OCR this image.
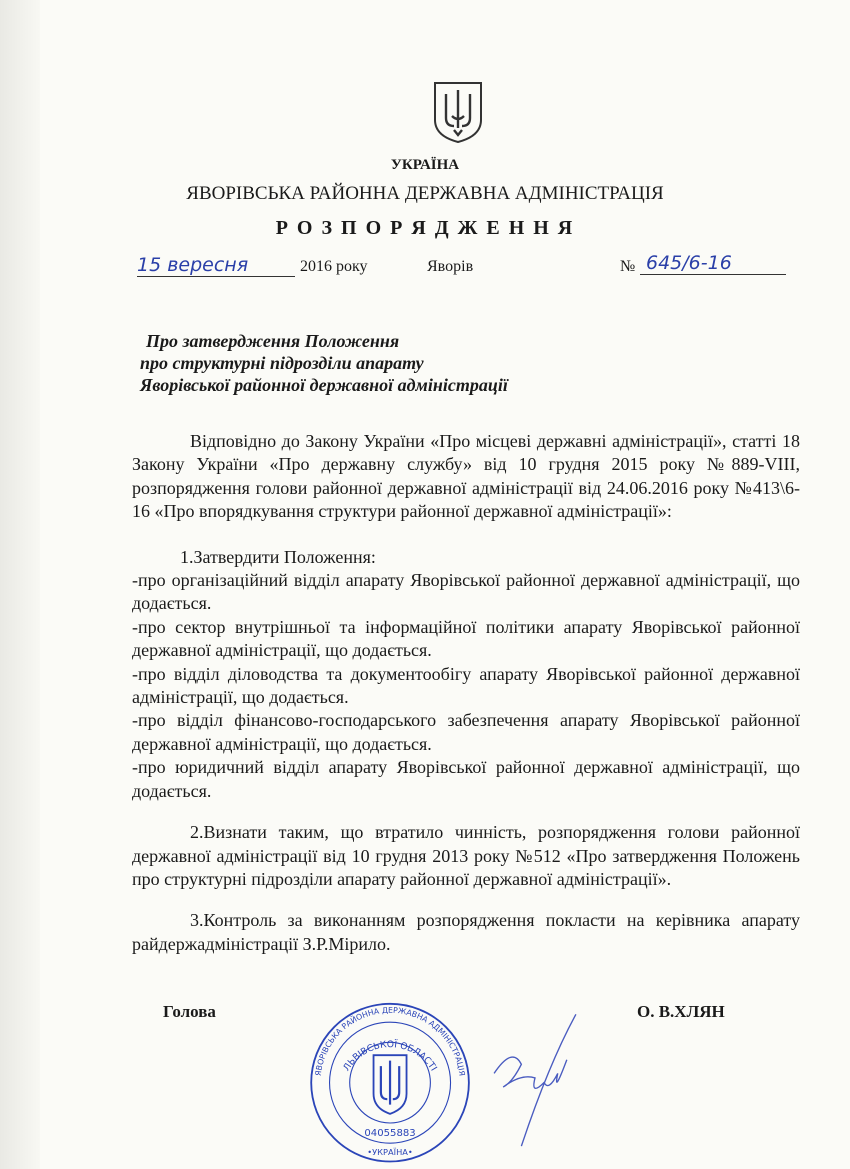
УКРАЇНА
ЯВОРІВСЬКА РАЙОННА ДЕРЖАВНА АДМІНІСТРАЦІЯ
Р О З П О Р Я Д Ж Е Н Н Я
15 вересня	2016 року	Яворів	№ 645/6-16
Про затвердження Положення
про структурні підрозділи апарату
Яворівської районної державної адміністрації

Відповідно до Закону України «Про місцеві державні адміністрації», статті 18 Закону України «Про державну службу» від 10 грудня 2015 року №889-VIII, розпорядження голови районної державної адміністрації від 24.06.2016 року №413\6-16 «Про впорядкування структури районної державної адміністрації»:

1.Затвердити Положення:

-про організаційний відділ апарату Яворівської районної державної адміністрації, що додається.

-про сектор внутрішньої та інформаційної політики апарату Яворівської районної державної адміністрації, що додається.

-про відділ діловодства та документообігу апарату Яворівської районної державної адміністрації, що додається.

-про відділ фінансово-господарського забезпечення апарату Яворівської районної державної адміністрації, що додається.

-про юридичний відділ апарату Яворівської районної державної адміністрації, що додається.

2.Визнати таким, що втратило чинність, розпорядження голови районної державної адміністрації від 10 грудня 2013 року №512 «Про затвердження Положень про структурні підрозділи апарату районної державної адміністрації».

3.Контроль за виконанням розпорядження покласти на керівника апарату райдержадміністрації З.Р.Мірило.

Голова	О. В.ХЛЯН
ЯВОРІВСЬКА РАЙОННА ДЕРЖАВНА АДМІНІСТРАЦІЯ
ЛЬВІВСЬКОЇ ОБЛАСТІ
04055883
•УКРАЇНА•
